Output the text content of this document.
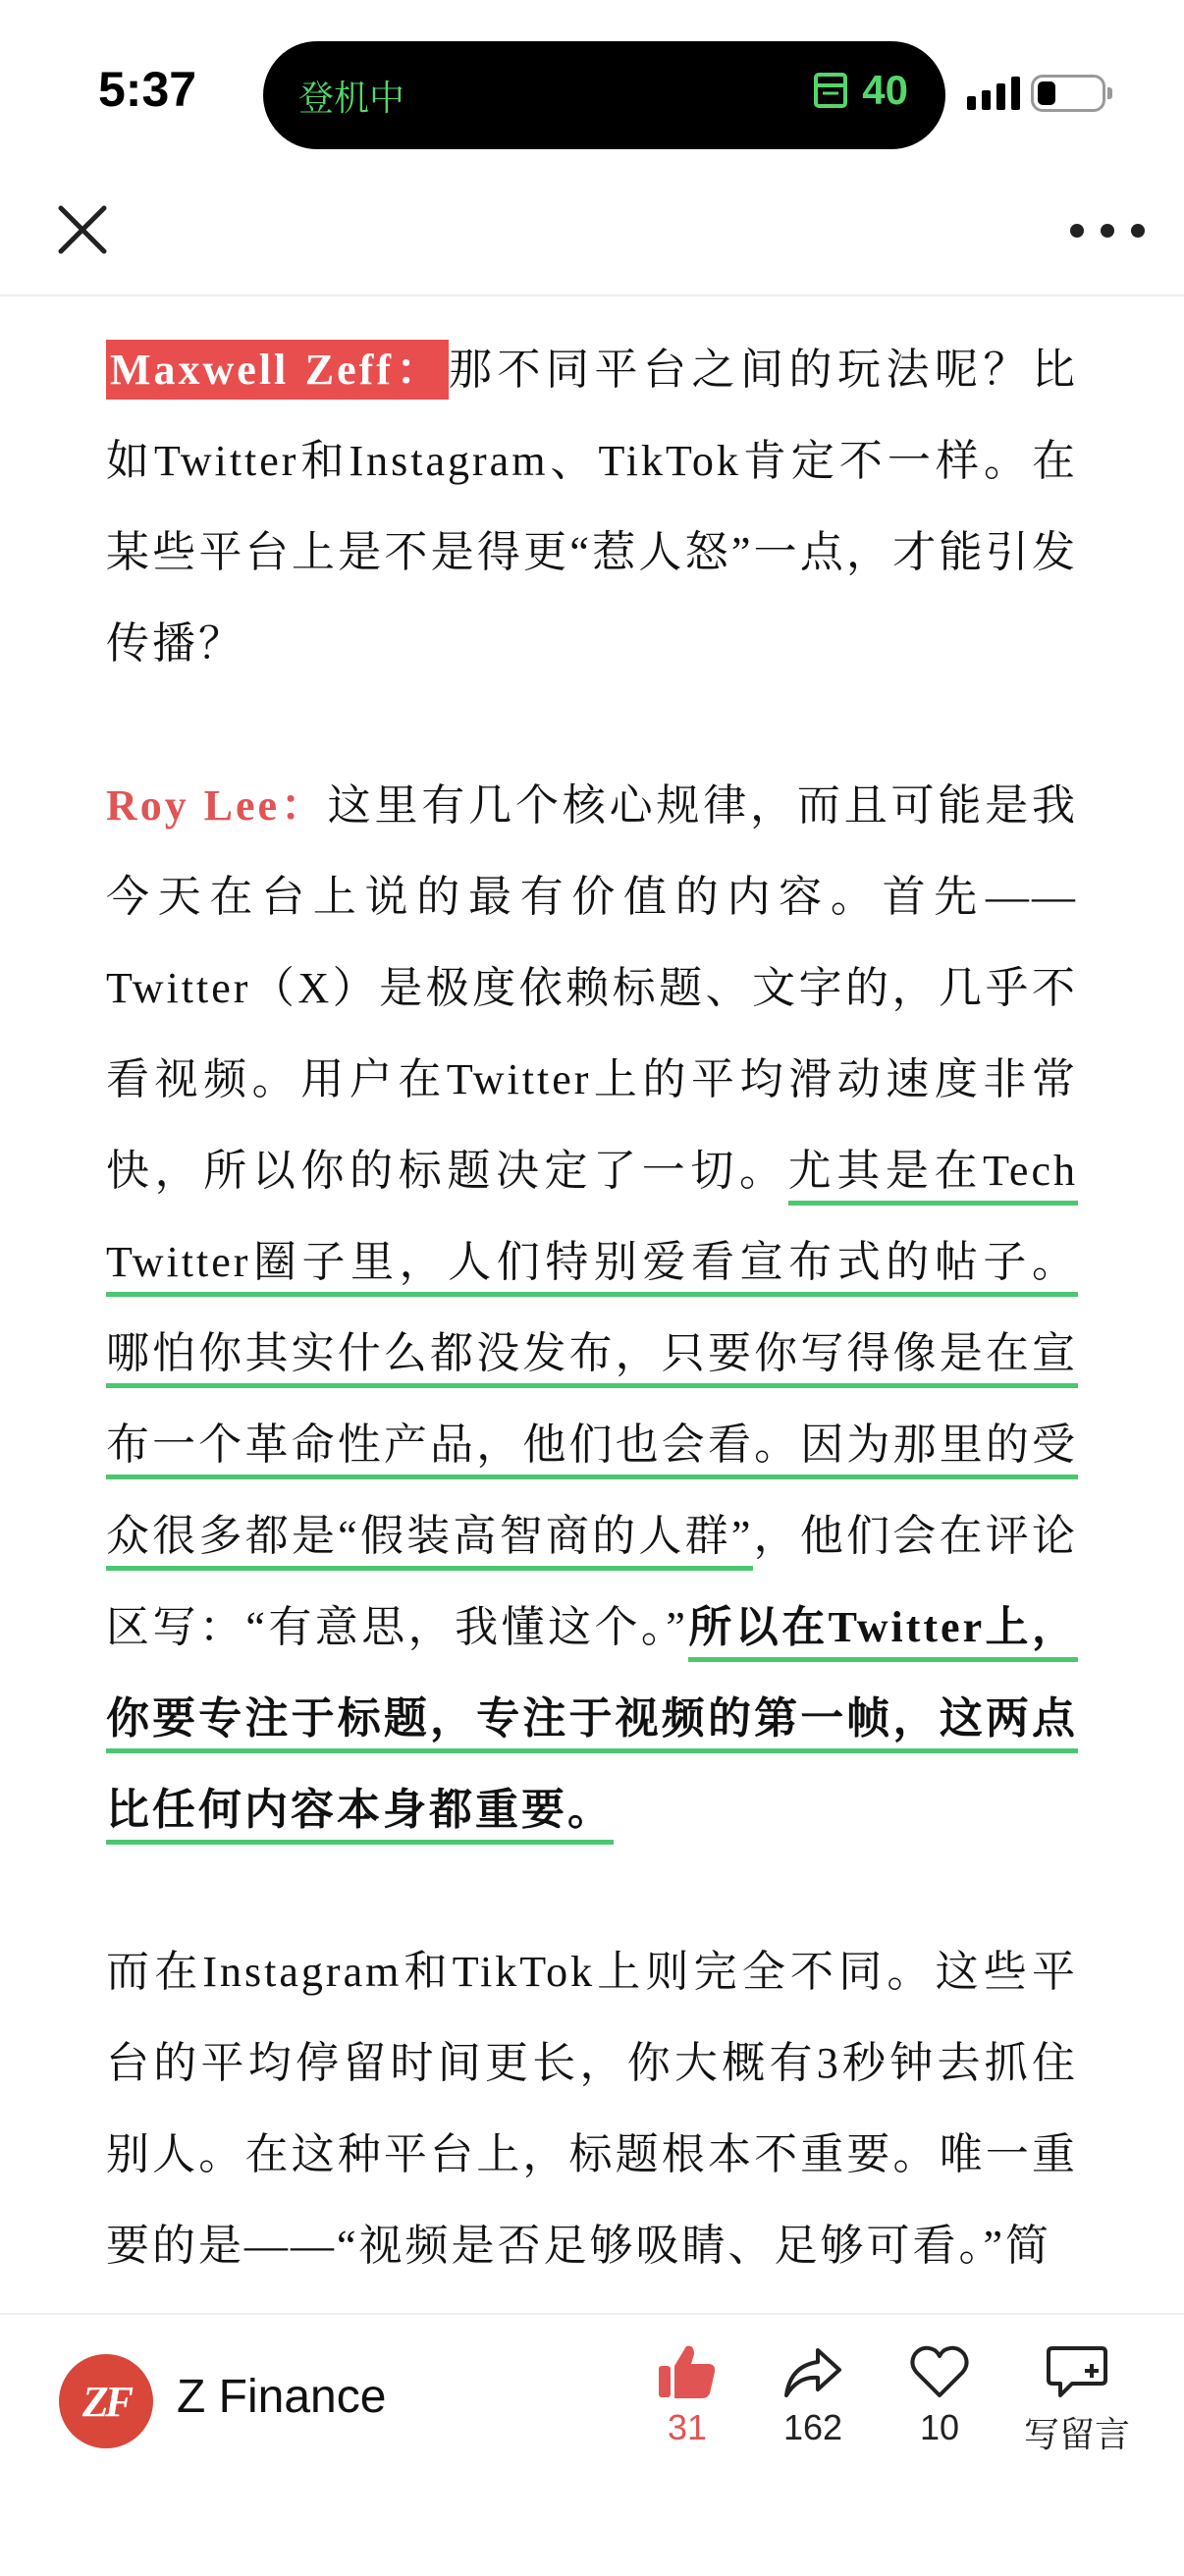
5:37	登机中	40

Maxwell Zeff：那不同平台之间的玩法呢？比如Twitter和Instagram、TikTok肯定不一样。在某些平台上是不是得更“惹人怒”一点，才能引发传播？

Roy Lee：这里有几个核心规律，而且可能是我今天在台上说的最有价值的内容。首先——Twitter（X）是极度依赖标题、文字的，几乎不看视频。用户在Twitter上的平均滑动速度非常快，所以你的标题决定了一切。尤其是在Tech Twitter圈子里，人们特别爱看宣布式的帖子。哪怕你其实什么都没发布，只要你写得像是在宣布一个革命性产品，他们也会看。因为那里的受众很多都是“假装高智商的人群”，他们会在评论区写：“有意思，我懂这个。”所以在Twitter上，你要专注于标题，专注于视频的第一帧，这两点比任何内容本身都重要。

而在Instagram和TikTok上则完全不同。这些平台的平均停留时间更长，你大概有3秒钟去抓住别人。在这种平台上，标题根本不重要。唯一重要的是——“视频是否足够吸睛、足够可看。”简

ZF Z Finance
31	162	10	写留言
